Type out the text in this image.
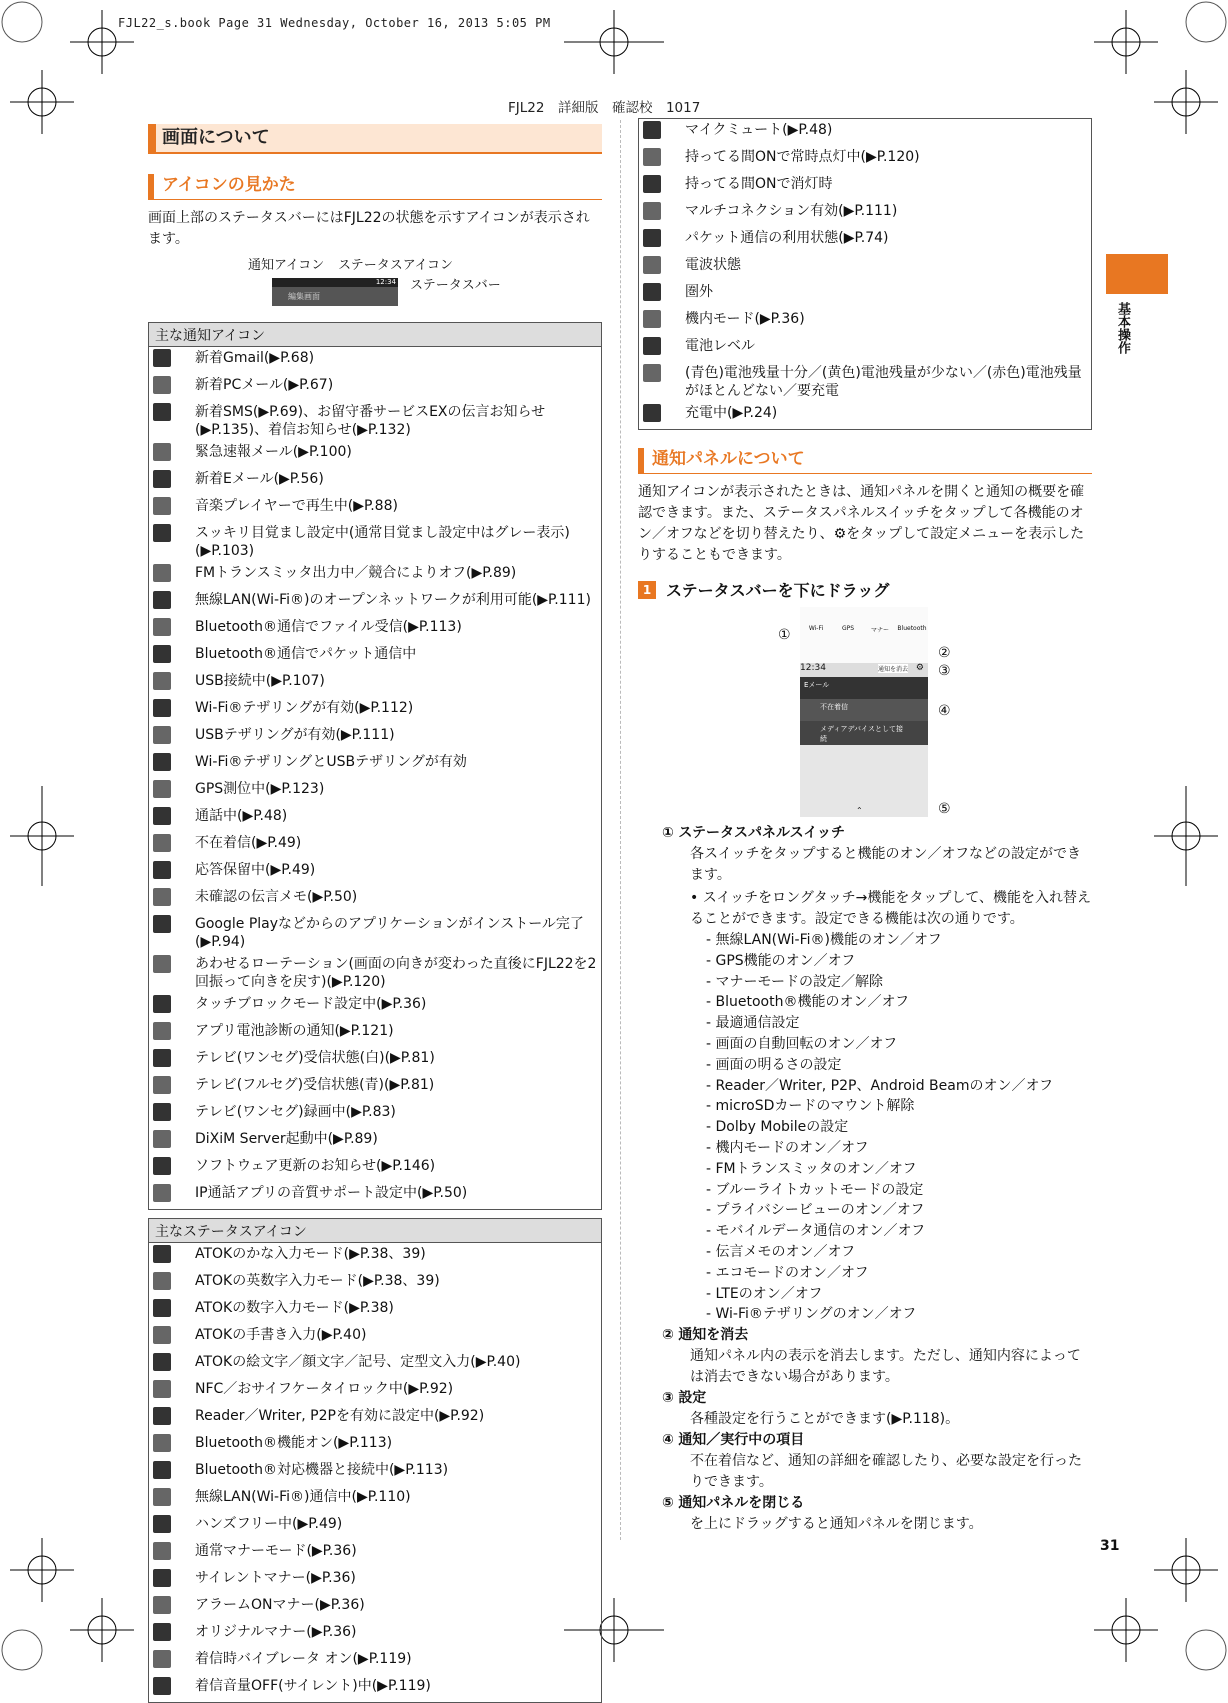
FJL22_s.book Page 31 Wednesday, October 16, 2013 5:05 PM
FJL22　詳細版　確認校　1017
基本操作
画面について
アイコンの見かた

画面上部のステータスバーにはFJL22の状態を示すアイコンが表示されます。

通知アイコン ステータスアイコン
編集画面
12:34 ステータスバー
主な通知アイコン	
	新着Gmail(▶P.68)
	新着PCメール(▶P.67)
	新着SMS(▶P.69)、お留守番サービスEXの伝言お知らせ(▶P.135)、着信お知らせ(▶P.132)
	緊急速報メール(▶P.100)
	新着Eメール(▶P.56)
	音楽プレイヤーで再生中(▶P.88)
	スッキリ目覚まし設定中(通常目覚まし設定中はグレー表示)(▶P.103)
	FMトランスミッタ出力中／競合によりオフ(▶P.89)
	無線LAN(Wi-Fi®)のオープンネットワークが利用可能(▶P.111)
	Bluetooth®通信でファイル受信(▶P.113)
	Bluetooth®通信でパケット通信中
	USB接続中(▶P.107)
	Wi-Fi®テザリングが有効(▶P.112)
	USBテザリングが有効(▶P.111)
	Wi-Fi®テザリングとUSBテザリングが有効
	GPS測位中(▶P.123)
	通話中(▶P.48)
	不在着信(▶P.49)
	応答保留中(▶P.49)
	未確認の伝言メモ(▶P.50)
	Google Playなどからのアプリケーションがインストール完了(▶P.94)
	あわせるローテーション(画面の向きが変わった直後にFJL22を2回振って向きを戻す)(▶P.120)
	タッチブロックモード設定中(▶P.36)
	アプリ電池診断の通知(▶P.121)
	テレビ(ワンセグ)受信状態(白)(▶P.81)
	テレビ(フルセグ)受信状態(青)(▶P.81)
	テレビ(ワンセグ)録画中(▶P.83)
	DiXiM Server起動中(▶P.89)
	ソフトウェア更新のお知らせ(▶P.146)
	IP通話アプリの音質サポート設定中(▶P.50)
主なステータスアイコン	
	ATOKのかな入力モード(▶P.38、39)
	ATOKの英数字入力モード(▶P.38、39)
	ATOKの数字入力モード(▶P.38)
	ATOKの手書き入力(▶P.40)
	ATOKの絵文字／顔文字／記号、定型文入力(▶P.40)
	NFC／おサイフケータイロック中(▶P.92)
	Reader／Writer, P2Pを有効に設定中(▶P.92)
	Bluetooth®機能オン(▶P.113)
	Bluetooth®対応機器と接続中(▶P.113)
	無線LAN(Wi-Fi®)通信中(▶P.110)
	ハンズフリー中(▶P.49)
	通常マナーモード(▶P.36)
	サイレントマナー(▶P.36)
	アラームONマナー(▶P.36)
	オリジナルマナー(▶P.36)
	着信時バイブレータ オン(▶P.119)
	着信音量OFF(サイレント)中(▶P.119)
	マイクミュート(▶P.48)
	持ってる間ONで常時点灯中(▶P.120)
	持ってる間ONで消灯時
	マルチコネクション有効(▶P.111)
	パケット通信の利用状態(▶P.74)
	電波状態
	圏外
	機内モード(▶P.36)
	電池レベル
	(青色)電池残量十分／(黄色)電池残量が少ない／(赤色)電池残量がほとんどない／要充電
	充電中(▶P.24)
通知パネルについて

通知アイコンが表示されたときは、通知パネルを開くと通知の概要を確認できます。また、ステータスパネルスイッチをタップして各機能のオン／オフなどを切り替えたり、⚙をタップして設定メニューを表示したりすることもできます。

1 ステータスバーを下にドラッグ
Wi-Fi	GPS	マナー	Bluetooth
12:34	通知を消去 ⚙
Eメール
不在着信
メディアデバイスとして接続
⌃
①
②
③
④
⑤
① ステータスパネルスイッチ
各スイッチをタップすると機能のオン／オフなどの設定ができます。
• スイッチをロングタッチ→機能をタップして、機能を入れ替えることができます。設定できる機能は次の通りです。
- 無線LAN(Wi-Fi®)機能のオン／オフ
- GPS機能のオン／オフ
- マナーモードの設定／解除
- Bluetooth®機能のオン／オフ
- 最適通信設定
- 画面の自動回転のオン／オフ
- 画面の明るさの設定
- Reader／Writer, P2P、Android Beamのオン／オフ
- microSDカードのマウント解除
- Dolby Mobileの設定
- 機内モードのオン／オフ
- FMトランスミッタのオン／オフ
- ブルーライトカットモードの設定
- プライバシービューのオン／オフ
- モバイルデータ通信のオン／オフ
- 伝言メモのオン／オフ
- エコモードのオン／オフ
- LTEのオン／オフ
- Wi-Fi®テザリングのオン／オフ
② 通知を消去
通知パネル内の表示を消去します。ただし、通知内容によっては消去できない場合があります。
③ 設定
各種設定を行うことができます(▶P.118)。
④ 通知／実行中の項目
不在着信など、通知の詳細を確認したり、必要な設定を行ったりできます。
⑤ 通知パネルを閉じる
を上にドラッグすると通知パネルを閉じます。
31
